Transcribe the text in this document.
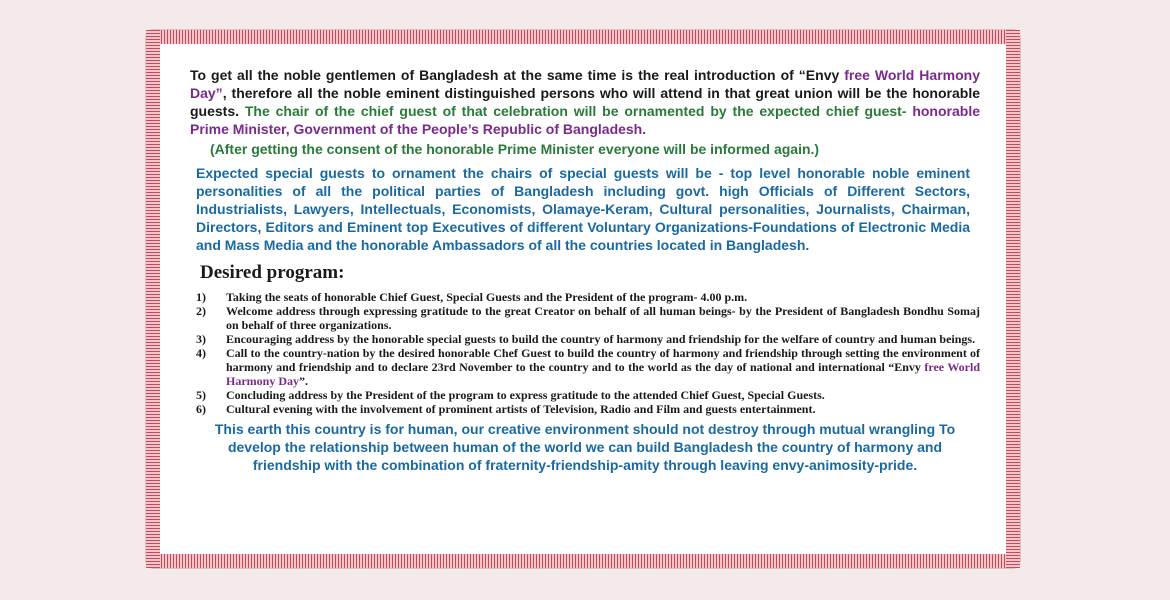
To get all the noble gentlemen of Bangladesh at the same time is the real introduction of “Envy free World Harmony Day”, therefore all the noble eminent distinguished persons who will attend in that great union will be the honorable guests. The chair of the chief guest of that celebration will be ornamented by the expected chief guest- honorable Prime Minister, Government of the People’s Republic of Bangladesh.

(After getting the consent of the honorable Prime Minister everyone will be informed again.)

Expected special guests to ornament the chairs of special guests will be - top level honorable noble eminent personalities of all the political parties of Bangladesh including govt. high Officials of Different Sectors, Industrialists, Lawyers, Intellectuals, Economists, Olamaye-Keram, Cultural personalities, Journalists, Chairman, Directors, Editors and Eminent top Executives of different Voluntary Organizations-Foundations of Electronic Media and Mass Media and the honorable Ambassadors of all the countries located in Bangladesh.

Desired program:
1)	Taking the seats of honorable Chief Guest, Special Guests and the President of the program- 4.00 p.m.
2)	Welcome address through expressing gratitude to the great Creator on behalf of all human beings- by the President of Bangladesh Bondhu Somaj on behalf of three organizations.
3)	Encouraging address by the honorable special guests to build the country of harmony and friendship for the welfare of country and human beings.
4)	Call to the country-nation by the desired honorable Chef Guest to build the country of harmony and friendship through setting the environment of harmony and friendship and to declare 23rd November to the country and to the world as the day of national and international “Envy free World Harmony Day”.
5)	Concluding address by the President of the program to express gratitude to the attended Chief Guest, Special Guests.
6)	Cultural evening with the involvement of prominent artists of Television, Radio and Film and guests entertainment.

This earth this country is for human, our creative environment should not destroy through mutual wrangling To develop the relationship between human of the world we can build Bangladesh the country of harmony and friendship with the combination of fraternity-friendship-amity through leaving envy-animosity-pride.
